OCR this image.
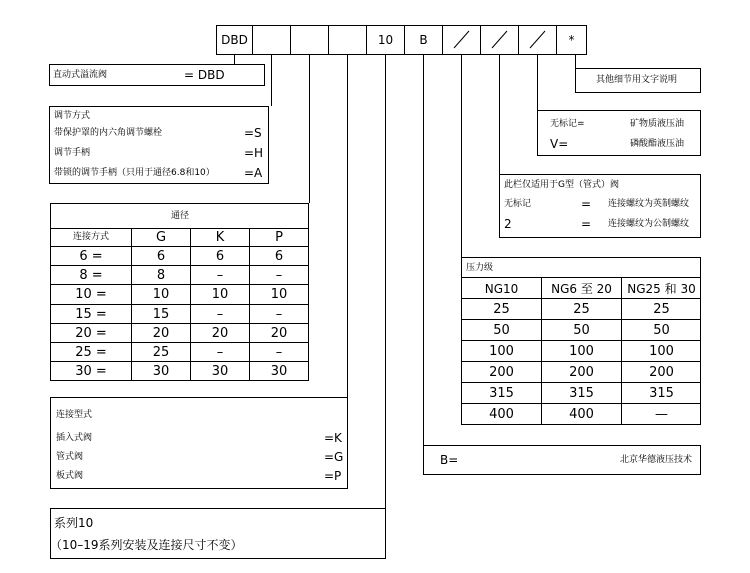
DBD	10	B	*
直动式溢流阀	= DBD
调节方式
带保护罩的内六角调节螺栓	=S
调节手柄	=H
带锁的调节手柄（只用于通径6.8和10） =A
通径
连接方式	G	K	P
6 =	6	6	6
8 =	8	–	–
10 =	10	10	10
15 =	15	–	–
20 =	20	20	20
25 =	25	–	–
30 =	30	30	30
连接型式
插入式阀	=K
管式阀	=G
板式阀	=P
系列10
（10–19系列安装及连接尺寸不变）
其他细节用文字说明
无标记=	矿物质液压油
V=	磷酸酯液压油
此栏仅适用于G型（管式）阀
无标记	= 连接螺纹为英制螺纹
2	= 连接螺纹为公制螺纹
压力级
NG10	NG6 至 20	NG25 和 30
25	25	25
50	50	50
100	100	100
200	200	200
315	315	315
400	400	—
B=	北京华德液压技术
